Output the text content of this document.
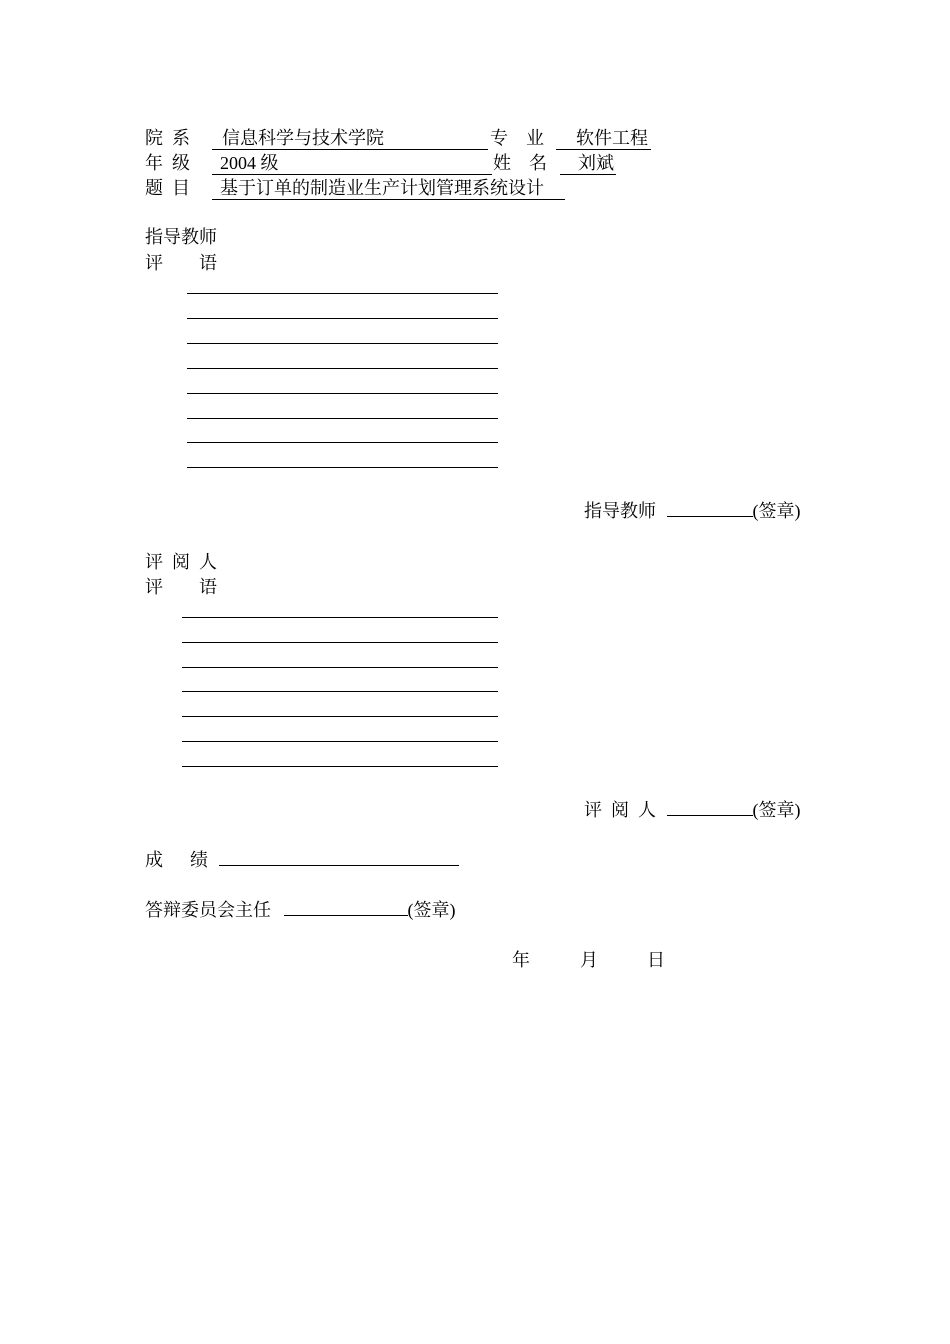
院  系	信息科学与技术学院	专    业	软件工程
年  级	2004 级	姓    名	刘斌
题  目	基于订单的制造业生产计划管理系统设计
指导教师
评        语
指导教师	(签章)
评  阅  人
评        语
评  阅  人	(签章)
成      绩
答辩委员会主任	(签章)
年	月	日
